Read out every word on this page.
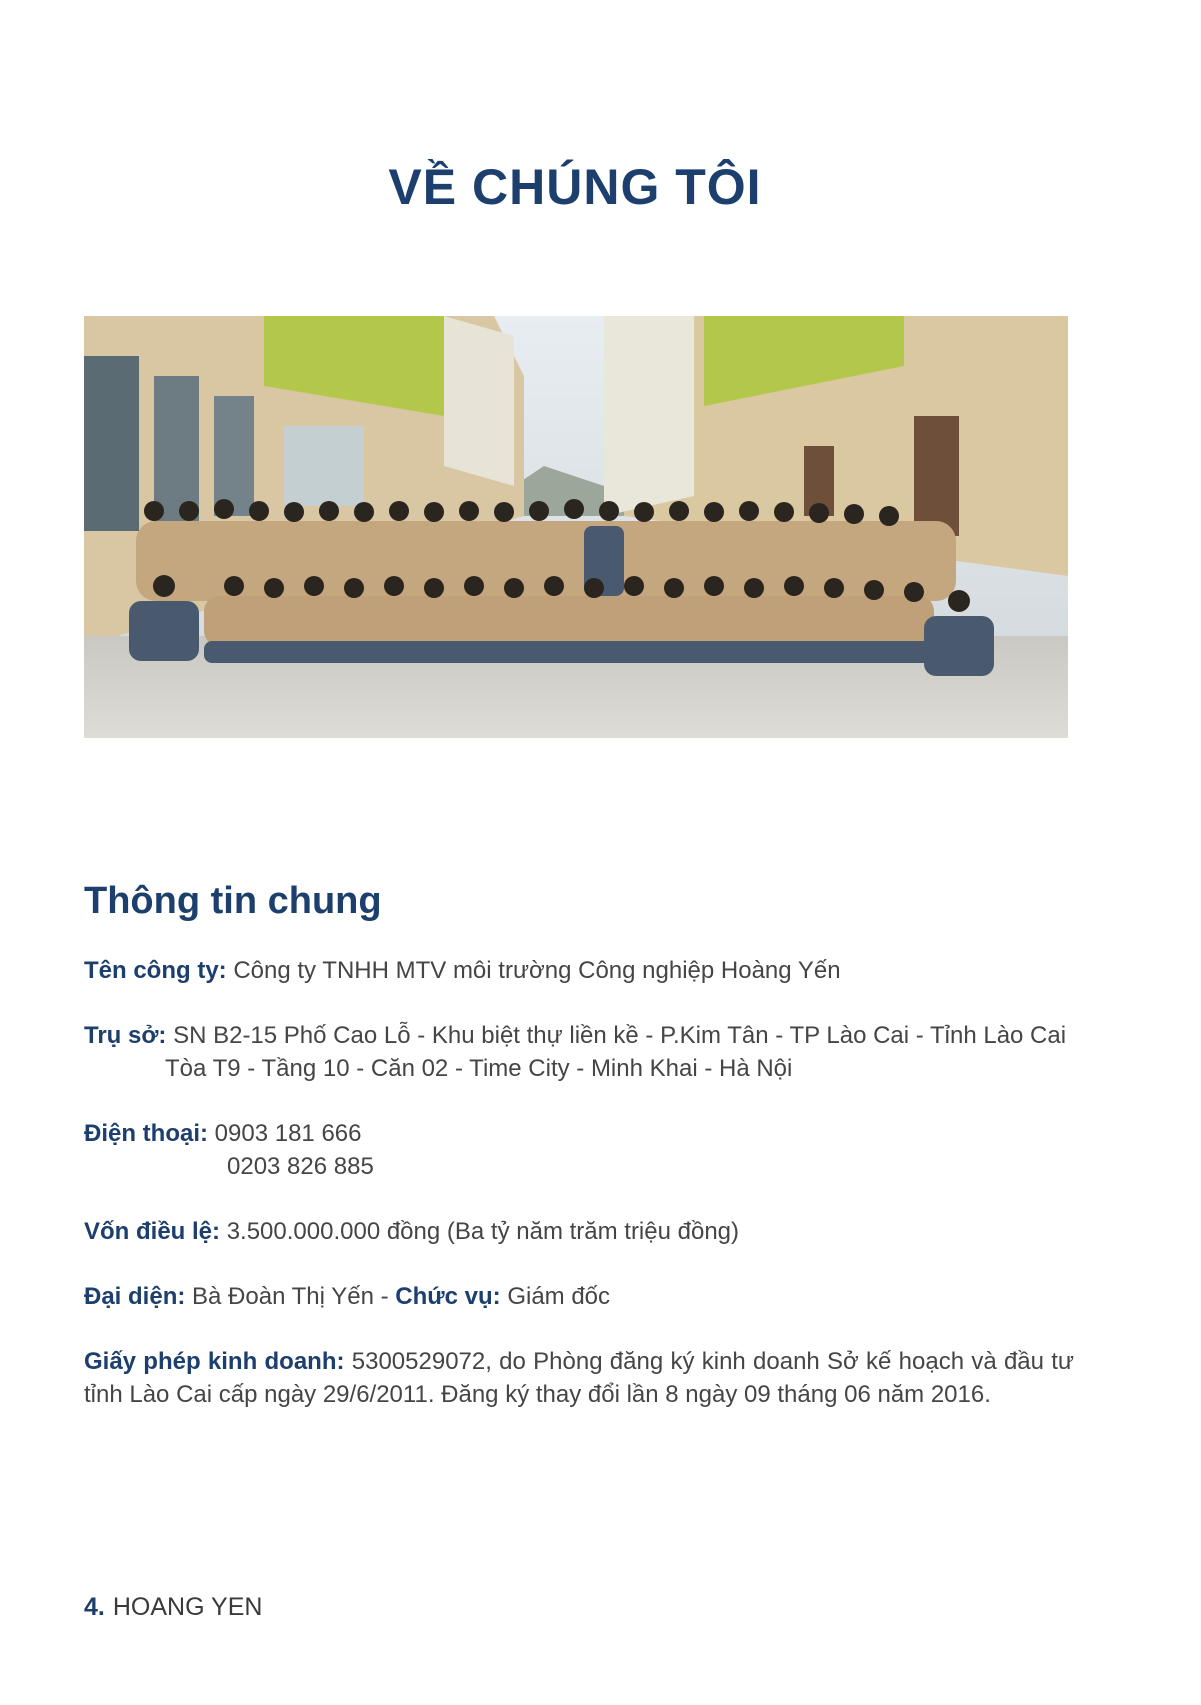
VỀ CHÚNG TÔI
Thông tin chung
Tên công ty: Công ty TNHH MTV môi trường Công nghiệp Hoàng Yến
Trụ sở: SN B2-15 Phố Cao Lỗ - Khu biệt thự liền kề - P.Kim Tân - TP Lào Cai - Tỉnh Lào Cai
Tòa T9 - Tầng 10 - Căn 02 - Time City - Minh Khai - Hà Nội
Điện thoại: 0903 181 666
0203 826 885
Vốn điều lệ: 3.500.000.000 đồng (Ba tỷ năm trăm triệu đồng)
Đại diện: Bà Đoàn Thị Yến - Chức vụ: Giám đốc
Giấy phép kinh doanh: 5300529072, do Phòng đăng ký kinh doanh Sở kế hoạch và đầu tư tỉnh Lào Cai cấp ngày 29/6/2011. Đăng ký thay đổi lần 8 ngày 09 tháng 06 năm 2016.
4. HOANG YEN
